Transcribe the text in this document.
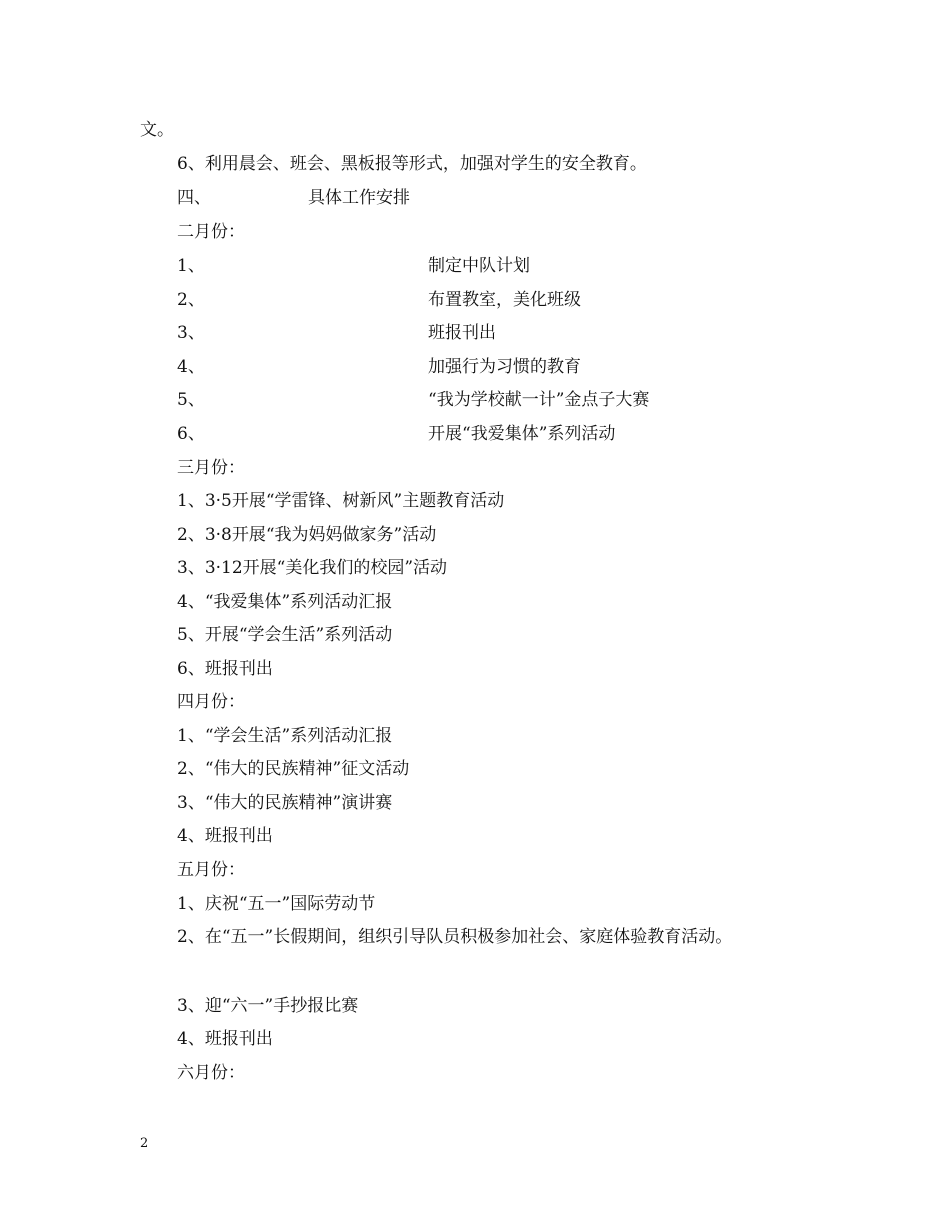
文。
6、利用晨会、班会、黑板报等形式，加强对学生的安全教育。
四、	具体工作安排
二月份：
1、	制定中队计划
2、	布置教室，美化班级
3、	班报刊出
4、	加强行为习惯的教育
5、	“我为学校献一计”金点子大赛
6、	开展“我爱集体”系列活动
三月份：
1、3·5开展“学雷锋、树新风”主题教育活动
2、3·8开展“我为妈妈做家务”活动
3、3·12开展“美化我们的校园”活动
4、“我爱集体”系列活动汇报
5、开展“学会生活”系列活动
6、班报刊出
四月份：
1、“学会生活”系列活动汇报
2、“伟大的民族精神”征文活动
3、“伟大的民族精神”演讲赛
4、班报刊出
五月份：
1、庆祝“五一”国际劳动节
2、在“五一”长假期间，组织引导队员积极参加社会、家庭体验教育活动。
3、迎“六一”手抄报比赛
4、班报刊出
六月份：
2
